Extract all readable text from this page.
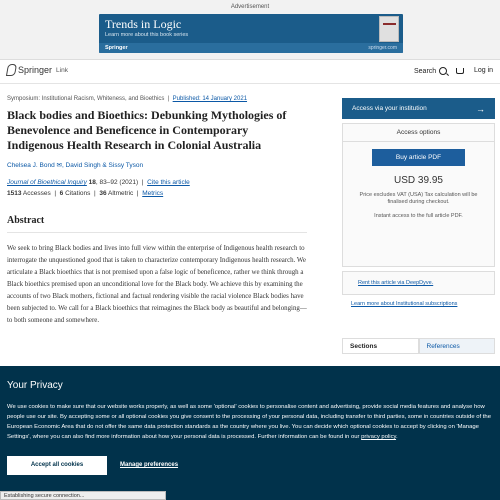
Advertisement
Trends in Logic
Learn more about this book series
Springer	springer.com
Springer Link	Search	Log in
Symposium: Institutional Racism, Whiteness, and Bioethics  |  Published: 14 January 2021
Black bodies and Bioethics: Debunking Mythologies of Benevolence and Beneficence in Contemporary Indigenous Health Research in Colonial Australia
Chelsea J. Bond ✉, David Singh & Sissy Tyson
Journal of Bioethical Inquiry 18, 83–92 (2021)  |  Cite this article
1513 Accesses  |  6 Citations  |  36 Altmetric  |  Metrics
Abstract

We seek to bring Black bodies and lives into full view within the enterprise of Indigenous health research to interrogate the unquestioned good that is taken to characterize contemporary Indigenous health research. We articulate a Black bioethics that is not premised upon a false logic of beneficence, rather we think through a Black bioethics premised upon an unconditional love for the Black body. We achieve this by examining the accounts of two Black mothers, fictional and factual rendering visible the racial violence Black bodies have been subjected to. We call for a Black bioethics that reimagines the Black body as beautiful and belonging—to both someone and somewhere.

Access via your institution	→
Access options
Buy article PDF
USD 39.95
Price excludes VAT (USA) Tax calculation will be finalised during checkout.
Instant access to the full article PDF.
Rent this article via DeepDyve.
Learn more about Institutional subscriptions
Sections	References
Your Privacy
We use cookies to make sure that our website works properly, as well as some 'optional' cookies to personalise content and advertising, provide social media features and analyse how people use our site. By accepting some or all optional cookies you give consent to the processing of your personal data, including transfer to third parties, some in countries outside of the European Economic Area that do not offer the same data protection standards as the country where you live. You can decide which optional cookies to accept by clicking on 'Manage Settings', where you can also find more information about how your personal data is processed. Further information can be found in our privacy policy.
Accept all cookies	Manage preferences
Establishing secure connection...
